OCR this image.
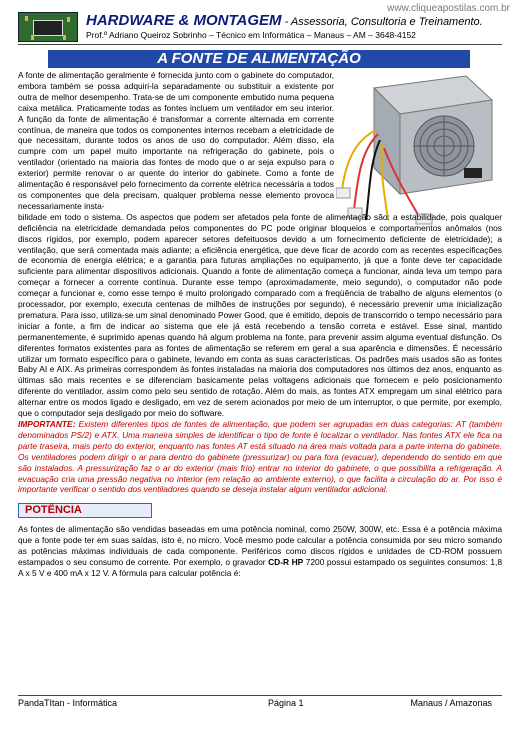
www.cliqueapostilas.com.br
HARDWARE & MONTAGEM - Assessoria, Consultoria e Treinamento.
Prof.º Adriano Queiroz Sobrinho – Técnico em Informática – Manaus – AM – 3648-4152
A FONTE DE ALIMENTAÇÃO

A fonte de alimentação geralmente é fornecida junto com o gabinete do computador, embora também se possa adquiri-la separadamente ou substituir a existente por outra de melhor desempenho. Trata-se de um componente embutido numa pequena caixa metálica. Praticamente todas as fontes incluem um ventilador em seu interior. A função da fonte de alimentação é transformar a corrente alternada em corrente contínua, de maneira que todos os componentes internos recebam a eletricidade de que necessitam, durante todos os anos de uso do computador. Além disso, ela cumpre com um papel muito importante na refrigeração do gabinete, pois o ventilador (orientado na maioria das fontes de modo que o ar seja expulso para o exterior) permite renovar o ar quente do interior do gabinete. Como a fonte de alimentação é responsável pelo fornecimento da corrente elétrica necessária a todos os componentes que dela precisam, qualquer problema nesse elemento provoca necessariamente insta-

bilidade em todo o sistema. Os aspectos que podem ser afetados pela fonte de alimentação são: a estabilidade, pois qualquer deficiência na eletricidade demandada pelos componentes do PC pode originar bloqueios e comportamentos anômalos (nos discos rígidos, por exemplo, podem aparecer setores defeituosos devido a um fornecimento deficiente de eletricidade); a ventilação, que será comentada mais adiante; a eficiência energética, que deve ficar de acordo com as recentes especificações de economia de energia elétrica; e a garantia para futuras ampliações no equipamento, já que a fonte deve ter capacidade suficiente para alimentar dispositivos adicionais. Quando a fonte de alimentação começa a funcionar, ainda leva um tempo para começar a fornecer a corrente contínua. Durante esse tempo (aproximadamente, meio segundo), o computador não pode começar a funcionar e, como esse tempo é muito prolongado comparado com a freqüência de trabalho de alguns elementos (o processador, por exemplo, executa centenas de milhões de instruções por segundo), é necessário prevenir uma inicialização prematura. Para isso, utiliza-se um sinal denominado Power Good, que é emitido, depois de transcorrido o tempo necessário para iniciar a fonte, a fim de indicar ao sistema que ele já está recebendo a tensão correta e estável. Esse sinal, mantido permanentemente, é suprimido apenas quando há algum problema na fonte, para prevenir assim alguma eventual disfunção. Os diferentes formatos existentes para as fontes de alimentação se referem em geral a sua aparência e dimensões. É necessário utilizar um formato específico para o gabinete, levando em conta as suas características. Os padrões mais usados são as fontes Baby AI e AIX. As primeiras correspondem às fontes instaladas na maioria dos computadores nos últimos dez anos, enquanto as últimas são mais recentes e se diferenciam basicamente pelas voltagens adicionais que fornecem e pelo posicionamento diferente do ventilador, assim como pelo seu sentido de rotação. Além do mais, as fontes ATX empregam um sinal elétrico para alternar entre os modos ligado e desligado, em vez de serem acionados por meio de um interruptor, o que permite, por exemplo, que o computador seja desligado por meio do software.

IMPORTANTE: Existem diferentes tipos de fontes de alimentação, que podem ser agrupadas em duas categorias: AT (também denominados PS/2) e ATX. Uma maneira simples de identificar o tipo de fonte é localizar o ventilador. Nas fontes ATX ele fica na parte traseira, mais perto do exterior, enquanto nas fontes AT está situado na área mais voltada para a parte interna do gabinete. Os ventiladores podem dirigir o ar para dentro do gabinete (pressurizar) ou para fora (evacuar), dependendo do sentido em que são instalados. A pressurização faz o ar do exterior (mais frio) entrar no interior do gabinete, o que possibilita a refrigeração. A evacuação cria uma pressão negativa no interior (em relação ao ambiente externo), o que facilita a circulação do ar. Por isso é importante verificar o sentido dos ventiladores quando se deseja instalar algum ventilador adicional.

POTÊNCIA

As fontes de alimentação são vendidas baseadas em uma potência nominal, como 250W, 300W, etc. Essa é a potência máxima que a fonte pode ter em suas saídas, isto é, no micro. Você mesmo pode calcular a potência consumida por seu micro somando as potências máximas individuais de cada componente. Periféricos como discos rígidos e unidades de CD-ROM possuem estampados o seu consumo de corrente. Por exemplo, o gravador CD-R HP 7200 possui estampado os seguintes consumos: 1,8 A x 5 V e 400 mA x 12 V. A fórmula para calcular potência é:

PandaTItan - Informática	Página 1	Manaus / Amazonas
